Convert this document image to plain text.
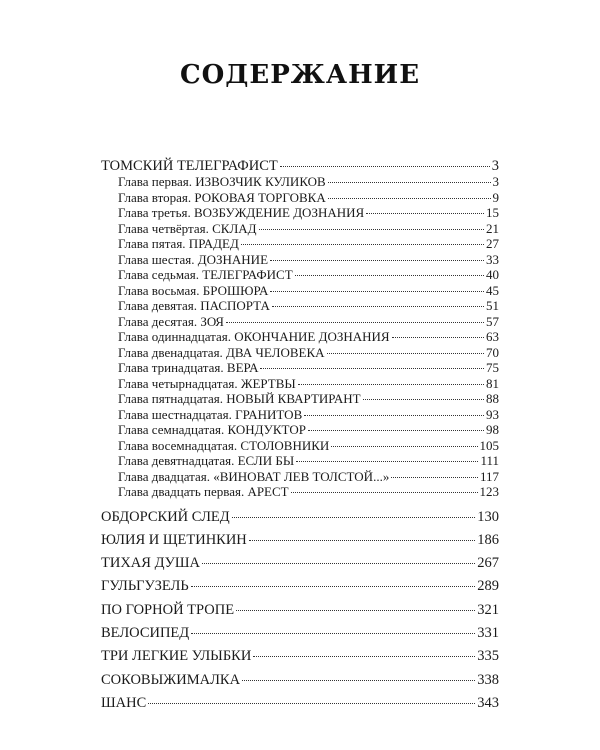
СОДЕРЖАНИЕ
ТОМСКИЙ ТЕЛЕГРАФИСТ	3
Глава первая. ИЗВОЗЧИК КУЛИКОВ	3
Глава вторая. РОКОВАЯ ТОРГОВКА	9
Глава третья. ВОЗБУЖДЕНИЕ ДОЗНАНИЯ	15
Глава четвёртая. СКЛАД	21
Глава пятая. ПРАДЕД	27
Глава шестая. ДОЗНАНИЕ	33
Глава седьмая. ТЕЛЕГРАФИСТ	40
Глава восьмая. БРОШЮРА	45
Глава девятая. ПАСПОРТА	51
Глава десятая. ЗОЯ	57
Глава одиннадцатая. ОКОНЧАНИЕ ДОЗНАНИЯ	63
Глава двенадцатая. ДВА ЧЕЛОВЕКА	70
Глава тринадцатая. ВЕРА	75
Глава четырнадцатая. ЖЕРТВЫ	81
Глава пятнадцатая. НОВЫЙ КВАРТИРАНТ	88
Глава шестнадцатая. ГРАНИТОВ	93
Глава семнадцатая. КОНДУКТОР	98
Глава восемнадцатая. СТОЛОВНИКИ	105
Глава девятнадцатая. ЕСЛИ БЫ	111
Глава двадцатая. «ВИНОВАТ ЛЕВ ТОЛСТОЙ...»	117
Глава двадцать первая. АРЕСТ	123
ОБДОРСКИЙ СЛЕД	130
ЮЛИЯ И ЩЕТИНКИН	186
ТИХАЯ ДУША	267
ГУЛЬГУЗЕЛЬ	289
ПО ГОРНОЙ ТРОПЕ	321
ВЕЛОСИПЕД	331
ТРИ ЛЕГКИЕ УЛЫБКИ	335
СОКОВЫЖИМАЛКА	338
ШАНС	343
